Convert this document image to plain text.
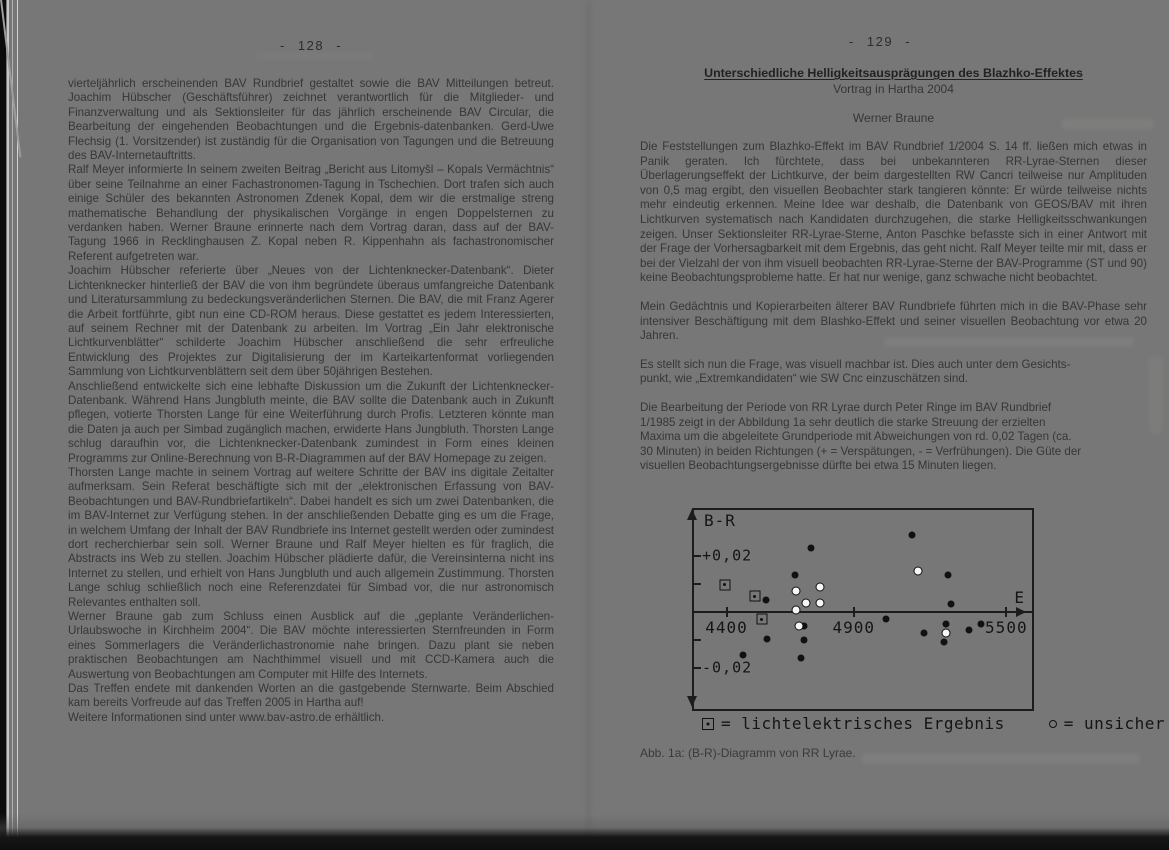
- 128 -

vierteljährlich erscheinenden BAV Rundbrief gestaltet sowie die BAV Mitteilungen betreut. Joachim Hübscher (Geschäftsführer) zeichnet verantwortlich für die Mitglieder- und Finanzverwaltung und als Sektionsleiter für das jährlich erscheinende BAV Circular, die Bearbeitung der eingehenden Beobachtungen und die Ergebnis-datenbanken. Gerd-Uwe Flechsig (1. Vorsitzender) ist zuständig für die Organisation von Tagungen und die Betreuung des BAV-Internetauftritts.

Ralf Meyer informierte In seinem zweiten Beitrag „Bericht aus Litomyšl – Kopals Vermächtnis“ über seine Teilnahme an einer Fachastronomen-Tagung in Tschechien. Dort trafen sich auch einige Schüler des bekannten Astronomen Zdenek Kopal, dem wir die erstmalige streng mathematische Behandlung der physikalischen Vorgänge in engen Doppelsternen zu verdanken haben. Werner Braune erinnerte nach dem Vortrag daran, dass auf der BAV-Tagung 1966 in Recklinghausen Z. Kopal neben R. Kippenhahn als fachastronomischer Referent aufgetreten war.

Joachim Hübscher referierte über „Neues von der Lichtenknecker-Datenbank“. Dieter Lichtenknecker hinterließ der BAV die von ihm begründete überaus umfangreiche Datenbank und Literatursammlung zu bedeckungsveränderlichen Sternen. Die BAV, die mit Franz Agerer die Arbeit fortführte, gibt nun eine CD-ROM heraus. Diese gestattet es jedem Interessierten, auf seinem Rechner mit der Datenbank zu arbeiten. Im Vortrag „Ein Jahr elektronische Lichtkurvenblätter“ schilderte Joachim Hübscher anschließend die sehr erfreuliche Entwicklung des Projektes zur Digitalisierung der im Karteikartenformat vorliegenden Sammlung von Lichtkurvenblättern seit dem über 50jährigen Bestehen.

Anschließend entwickelte sich eine lebhafte Diskussion um die Zukunft der Lichtenknecker-Datenbank. Während Hans Jungbluth meinte, die BAV sollte die Datenbank auch in Zukunft pflegen, votierte Thorsten Lange für eine Weiterführung durch Profis. Letzteren könnte man die Daten ja auch per Simbad zugänglich machen, erwiderte Hans Jungbluth. Thorsten Lange schlug daraufhin vor, die Lichtenknecker-Datenbank zumindest in Form eines kleinen Programms zur Online-Berechnung von B-R-Diagrammen auf der BAV Homepage zu zeigen.

Thorsten Lange machte in seinem Vortrag auf weitere Schritte der BAV ins digitale Zeitalter aufmerksam. Sein Referat beschäftigte sich mit der „elektronischen Erfassung von BAV-Beobachtungen und BAV-Rundbriefartikeln“. Dabei handelt es sich um zwei Datenbanken, die im BAV-Internet zur Verfügung stehen. In der anschließenden Debatte ging es um die Frage, in welchem Umfang der Inhalt der BAV Rundbriefe ins Internet gestellt werden oder zumindest dort recherchierbar sein soll. Werner Braune und Ralf Meyer hielten es für fraglich, die Abstracts ins Web zu stellen. Joachim Hübscher plädierte dafür, die Vereinsinterna nicht ins Internet zu stellen, und erhielt von Hans Jungbluth und auch allgemein Zustimmung. Thorsten Lange schlug schließlich noch eine Referenzdatei für Simbad vor, die nur astronomisch Relevantes enthalten soll.

Werner Braune gab zum Schluss einen Ausblick auf die „geplante Veränderlichen-Urlaubswoche in Kirchheim 2004“. Die BAV möchte interessierten Sternfreunden in Form eines Sommerlagers die Veränderlichastronomie nahe bringen. Dazu plant sie neben praktischen Beobachtungen am Nachthimmel visuell und mit CCD-Kamera auch die Auswertung von Beobachtungen am Computer mit Hilfe des Internets.

Das Treffen endete mit dankenden Worten an die gastgebende Sternwarte. Beim Abschied kam bereits Vorfreude auf das Treffen 2005 in Hartha auf!

Weitere Informationen sind unter www.bav-astro.de erhältlich.

- 129 -
Unterschiedliche Helligkeitsausprägungen des Blazhko-Effektes
Vortrag in Hartha 2004
Werner Braune

Die Feststellungen zum Blazhko-Effekt im BAV Rundbrief 1/2004 S. 14 ff. ließen mich etwas in Panik geraten. Ich fürchtete, dass bei unbekannteren RR-Lyrae-Sternen dieser Überlagerungseffekt der Lichtkurve, der beim dargestellten RW Cancri teilweise nur Amplituden von 0,5 mag ergibt, den visuellen Beobachter stark tangieren könnte: Er würde teilweise nichts mehr eindeutig erkennen. Meine Idee war deshalb, die Datenbank von GEOS/BAV mit ihren Lichtkurven systematisch nach Kandidaten durchzugehen, die starke Helligkeitsschwankungen zeigen. Unser Sektionsleiter RR-Lyrae-Sterne, Anton Paschke befasste sich in einer Antwort mit der Frage der Vorhersagbarkeit mit dem Ergebnis, das geht nicht. Ralf Meyer teilte mir mit, dass er bei der Vielzahl der von ihm visuell beobachten RR-Lyrae-Sterne der BAV-Programme (ST und 90) keine Beobachtungsprobleme hatte. Er hat nur wenige, ganz schwache nicht beobachtet.

Mein Gedächtnis und Kopierarbeiten älterer BAV Rundbriefe führten mich in die BAV-Phase sehr intensiver Beschäftigung mit dem Blashko-Effekt und seiner visuellen Beobachtung vor etwa 20 Jahren.

Es stellt sich nun die Frage, was visuell machbar ist. Dies auch unter dem Gesichts-
punkt, wie „Extremkandidaten“ wie SW Cnc einzuschätzen sind.

Die Bearbeitung der Periode von RR Lyrae durch Peter Ringe im BAV Rundbrief
1/1985 zeigt in der Abbildung 1a sehr deutlich die starke Streuung der erzielten
Maxima um die abgeleitete Grundperiode mit Abweichungen von rd. 0,02 Tagen (ca.
30 Minuten) in beiden Richtungen (+ = Verspätungen, - = Verfrühungen). Die Güte der
visuellen Beobachtungsergebnisse dürfte bei etwa 15 Minuten liegen.

B-R
E
+0,02
-0,02
4400	4900	5500
= lichtelektrisches Ergebnis	= unsicher
Abb. 1a: (B-R)-Diagramm von RR Lyrae.
